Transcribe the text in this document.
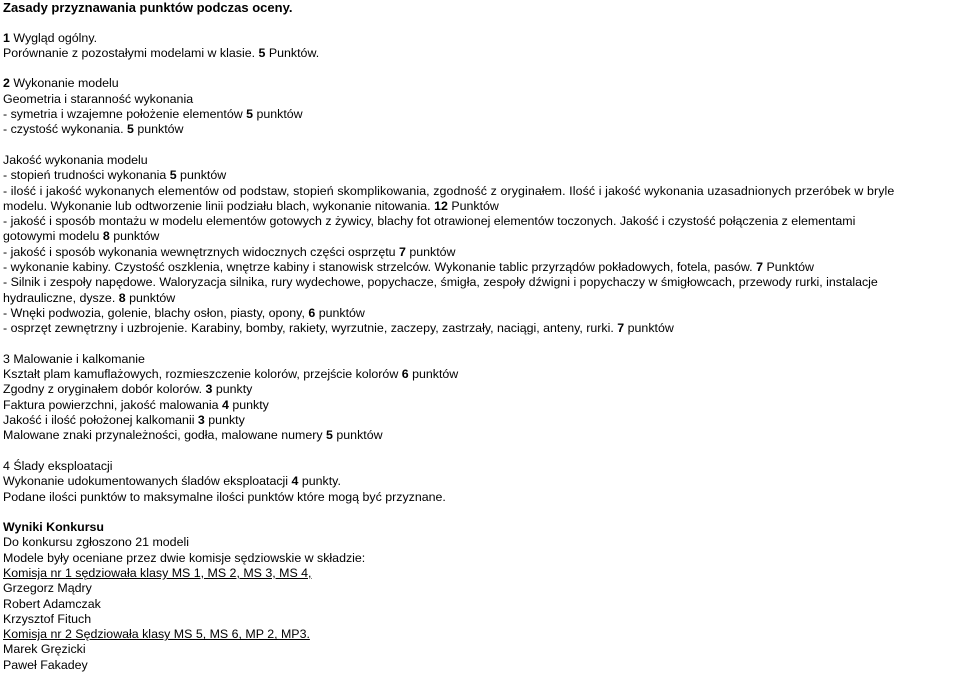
Zasady przyznawania punktów podczas oceny.
1 Wygląd ogólny.
Porównanie z pozostałymi modelami w klasie. 5 Punktów.
2 Wykonanie modelu
Geometria i staranność wykonania
- symetria i wzajemne położenie elementów 5 punktów
- czystość wykonania. 5 punktów
Jakość wykonania modelu
- stopień trudności wykonania 5 punktów
- ilość i jakość wykonanych elementów od podstaw, stopień skomplikowania, zgodność z oryginałem. Ilość i jakość wykonania uzasadnionych przeróbek w bryle
modelu. Wykonanie lub odtworzenie linii podziału blach, wykonanie nitowania. 12 Punktów
- jakość i sposób montażu w modelu elementów gotowych z żywicy, blachy fot otrawionej elementów toczonych. Jakość i czystość połączenia z elementami
gotowymi modelu 8 punktów
- jakość i sposób wykonania wewnętrznych widocznych części osprzętu 7 punktów
- wykonanie kabiny. Czystość oszklenia, wnętrze kabiny i stanowisk strzelców. Wykonanie tablic przyrządów pokładowych, fotela, pasów. 7 Punktów
- Silnik i zespoły napędowe. Waloryzacja silnika, rury wydechowe, popychacze, śmigła, zespoły dźwigni i popychaczy w śmigłowcach, przewody rurki, instalacje
hydrauliczne, dysze. 8 punktów
- Wnęki podwozia, golenie, blachy osłon, piasty, opony, 6 punktów
- osprzęt zewnętrzny i uzbrojenie. Karabiny, bomby, rakiety, wyrzutnie, zaczepy, zastrzały, naciągi, anteny, rurki. 7 punktów
3 Malowanie i kalkomanie
Kształt plam kamuflażowych, rozmieszczenie kolorów, przejście kolorów 6 punktów
Zgodny z oryginałem dobór kolorów. 3 punkty
Faktura powierzchni, jakość malowania 4 punkty
Jakość i ilość położonej kalkomanii 3 punkty
Malowane znaki przynależności, godła, malowane numery 5 punktów
4 Ślady eksploatacji
Wykonanie udokumentowanych śladów eksploatacji 4 punkty.
Podane ilości punktów to maksymalne ilości punktów które mogą być przyznane.
Wyniki Konkursu
Do konkursu zgłoszono 21 modeli
Modele były oceniane przez dwie komisje sędziowskie w składzie:
Komisja nr 1 sędziowała klasy MS 1, MS 2, MS 3, MS 4,
Grzegorz Mądry
Robert Adamczak
Krzysztof Fituch
Komisja nr 2 Sędziowała klasy MS 5, MS 6, MP 2, MP3.
Marek Gręzicki
Paweł Fakadey
